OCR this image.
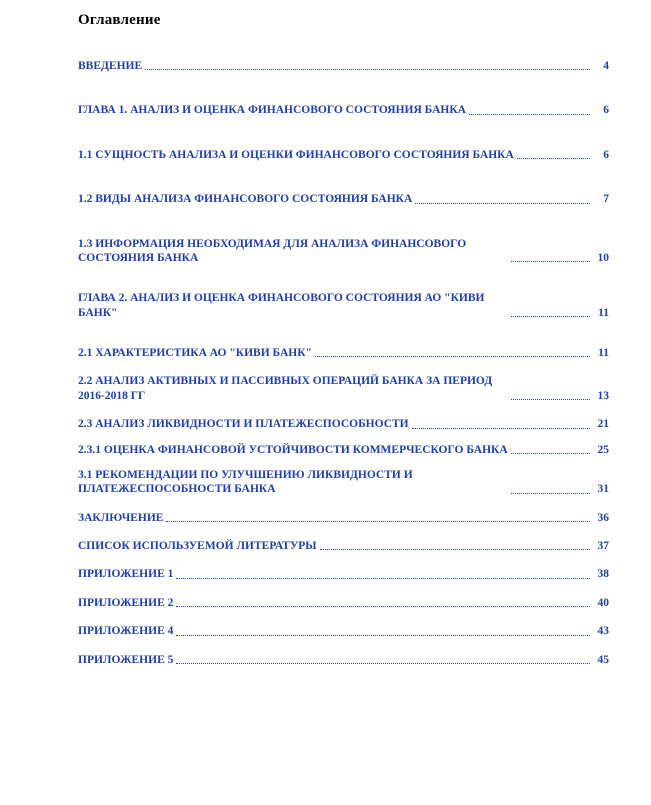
Оглавление
ВВЕДЕНИЕ	4
ГЛАВА 1. АНАЛИЗ И ОЦЕНКА ФИНАНСОВОГО СОСТОЯНИЯ БАНКА	6
1.1 СУЩНОСТЬ АНАЛИЗА И ОЦЕНКИ ФИНАНСОВОГО СОСТОЯНИЯ БАНКА	6
1.2 ВИДЫ АНАЛИЗА ФИНАНСОВОГО СОСТОЯНИЯ БАНКА	7
1.3 ИНФОРМАЦИЯ НЕОБХОДИМАЯ ДЛЯ АНАЛИЗА ФИНАНСОВОГО СОСТОЯНИЯ БАНКА	10
ГЛАВА 2. АНАЛИЗ И ОЦЕНКА ФИНАНСОВОГО СОСТОЯНИЯ АО "КИВИ БАНК"	11
2.1 ХАРАКТЕРИСТИКА АО "КИВИ БАНК"	11
2.2 АНАЛИЗ АКТИВНЫХ И ПАССИВНЫХ ОПЕРАЦИЙ БАНКА ЗА ПЕРИОД 2016-2018 ГГ	13
2.3 АНАЛИЗ ЛИКВИДНОСТИ И ПЛАТЕЖЕСПОСОБНОСТИ	21
2.3.1 ОЦЕНКА ФИНАНСОВОЙ УСТОЙЧИВОСТИ КОММЕРЧЕСКОГО БАНКА	25
3.1 РЕКОМЕНДАЦИИ ПО УЛУЧШЕНИЮ ЛИКВИДНОСТИ И ПЛАТЕЖЕСПОСОБНОСТИ БАНКА	31
ЗАКЛЮЧЕНИЕ	36
СПИСОК ИСПОЛЬЗУЕМОЙ ЛИТЕРАТУРЫ	37
ПРИЛОЖЕНИЕ 1	38
ПРИЛОЖЕНИЕ 2	40
ПРИЛОЖЕНИЕ 4	43
ПРИЛОЖЕНИЕ 5	45
